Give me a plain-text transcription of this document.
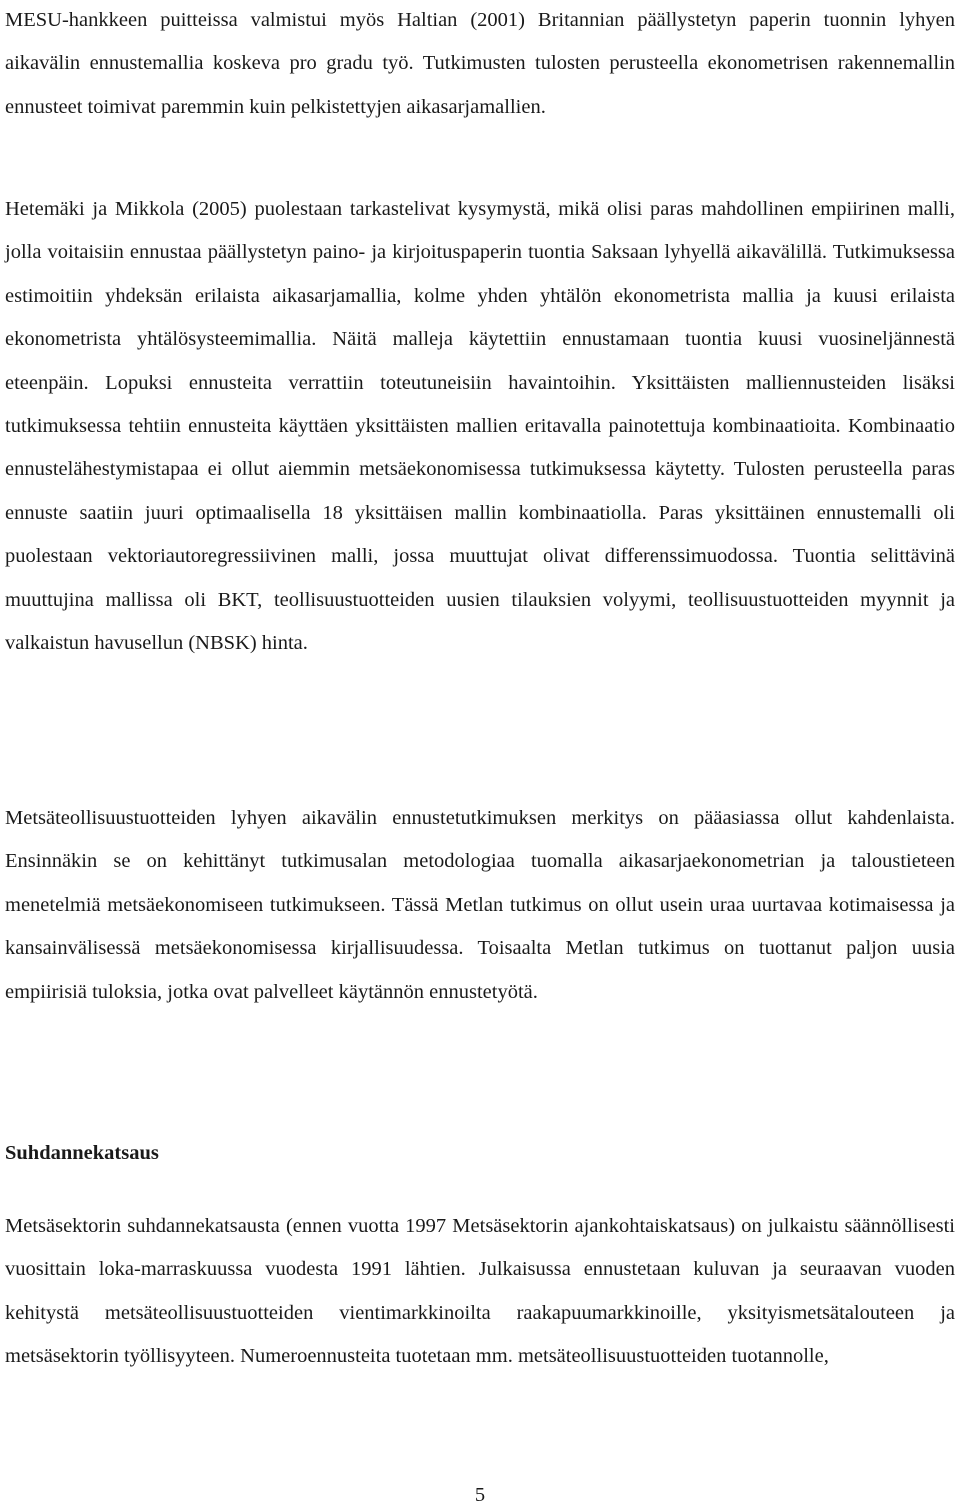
MESU-hankkeen puitteissa valmistui myös Haltian (2001) Britannian päällystetyn paperin tuonnin lyhyen aikavälin ennustemallia koskeva pro gradu työ. Tutkimusten tulosten perusteella ekonometrisen rakennemallin ennusteet toimivat paremmin kuin pelkistettyjen aikasarjamallien.

Hetemäki ja Mikkola (2005) puolestaan tarkastelivat kysymystä, mikä olisi paras mahdollinen empiirinen malli, jolla voitaisiin ennustaa päällystetyn paino- ja kirjoituspaperin tuontia Saksaan lyhyellä aikavälillä. Tutkimuksessa estimoitiin yhdeksän erilaista aikasarjamallia, kolme yhden yhtälön ekonometrista mallia ja kuusi erilaista ekonometrista yhtälösysteemimallia. Näitä malleja käytettiin ennustamaan tuontia kuusi vuosineljännestä eteenpäin. Lopuksi ennusteita verrattiin toteutuneisiin havaintoihin. Yksittäisten malliennusteiden lisäksi tutkimuksessa tehtiin ennusteita käyttäen yksittäisten mallien eritavalla painotettuja kombinaatioita. Kombinaatio ennustelähestymistapaa ei ollut aiemmin metsäekonomisessa tutkimuksessa käytetty. Tulosten perusteella paras ennuste saatiin juuri optimaalisella 18 yksittäisen mallin kombinaatiolla. Paras yksittäinen ennustemalli oli puolestaan vektoriautoregressiivinen malli, jossa muuttujat olivat differenssimuodossa. Tuontia selittävinä muuttujina mallissa oli BKT, teollisuustuotteiden uusien tilauksien volyymi, teollisuustuotteiden myynnit ja valkaistun havusellun (NBSK) hinta.

Metsäteollisuustuotteiden lyhyen aikavälin ennustetutkimuksen merkitys on pääasiassa ollut kahdenlaista. Ensinnäkin se on kehittänyt tutkimusalan metodologiaa tuomalla aikasarjaekonometrian ja taloustieteen menetelmiä metsäekonomiseen tutkimukseen. Tässä Metlan tutkimus on ollut usein uraa uurtavaa kotimaisessa ja kansainvälisessä metsäekonomisessa kirjallisuudessa. Toisaalta Metlan tutkimus on tuottanut paljon uusia empiirisiä tuloksia, jotka ovat palvelleet käytännön ennustetyötä.

Suhdannekatsaus

Metsäsektorin suhdannekatsausta (ennen vuotta 1997 Metsäsektorin ajankohtaiskatsaus) on julkaistu säännöllisesti vuosittain loka-marraskuussa vuodesta 1991 lähtien. Julkaisussa ennustetaan kuluvan ja seuraavan vuoden kehitystä metsäteollisuustuotteiden vientimarkkinoilta raakapuumarkkinoille, yksityismetsätalouteen ja metsäsektorin työllisyyteen. Numeroennusteita tuotetaan mm. metsäteollisuustuotteiden tuotannolle,

5
